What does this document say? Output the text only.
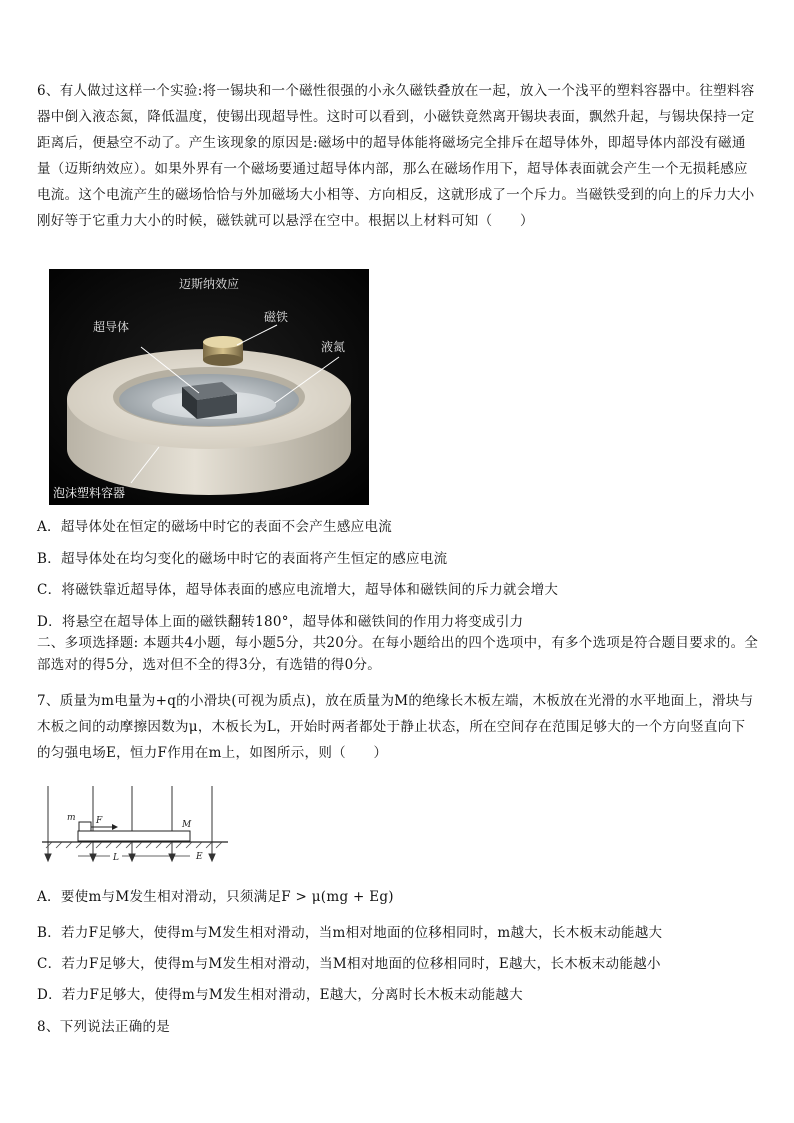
6、有人做过这样一个实验:将一锡块和一个磁性很强的小永久磁铁叠放在一起，放入一个浅平的塑料容器中。往塑料容器中倒入液态氮，降低温度，使锡出现超导性。这时可以看到，小磁铁竟然离开锡块表面，飘然升起，与锡块保持一定距离后，便悬空不动了。产生该现象的原因是:磁场中的超导体能将磁场完全排斥在超导体外，即超导体内部没有磁通量（迈斯纳效应）。如果外界有一个磁场要通过超导体内部，那么在磁场作用下，超导体表面就会产生一个无损耗感应电流。这个电流产生的磁场恰恰与外加磁场大小相等、方向相反，这就形成了一个斥力。当磁铁受到的向上的斥力大小刚好等于它重力大小的时候，磁铁就可以悬浮在空中。根据以上材料可知（　　）
迈斯纳效应
超导体
磁铁
液氮
泡沫塑料容器
A．超导体处在恒定的磁场中时它的表面不会产生感应电流
B．超导体处在均匀变化的磁场中时它的表面将产生恒定的感应电流
C．将磁铁靠近超导体，超导体表面的感应电流增大，超导体和磁铁间的斥力就会增大
D．将悬空在超导体上面的磁铁翻转180°，超导体和磁铁间的作用力将变成引力
二、多项选择题: 本题共4小题，每小题5分，共20分。在每小题给出的四个选项中，有多个选项是符合题目要求的。全部选对的得5分，选对但不全的得3分，有选错的得0分。
7、质量为m电量为+q的小滑块(可视为质点)，放在质量为M的绝缘长木板左端，木板放在光滑的水平地面上，滑块与木板之间的动摩擦因数为μ，木板长为L，开始时两者都处于静止状态，所在空间存在范围足够大的一个方向竖直向下的匀强电场E，恒力F作用在m上，如图所示，则（　　）
m F	M
L	E
A．要使m与M发生相对滑动，只须满足F > μ(mg + Eg)
B．若力F足够大，使得m与M发生相对滑动，当m相对地面的位移相同时，m越大，长木板末动能越大
C．若力F足够大，使得m与M发生相对滑动，当M相对地面的位移相同时，E越大，长木板末动能越小
D．若力F足够大，使得m与M发生相对滑动，E越大，分离时长木板末动能越大
8、下列说法正确的是
